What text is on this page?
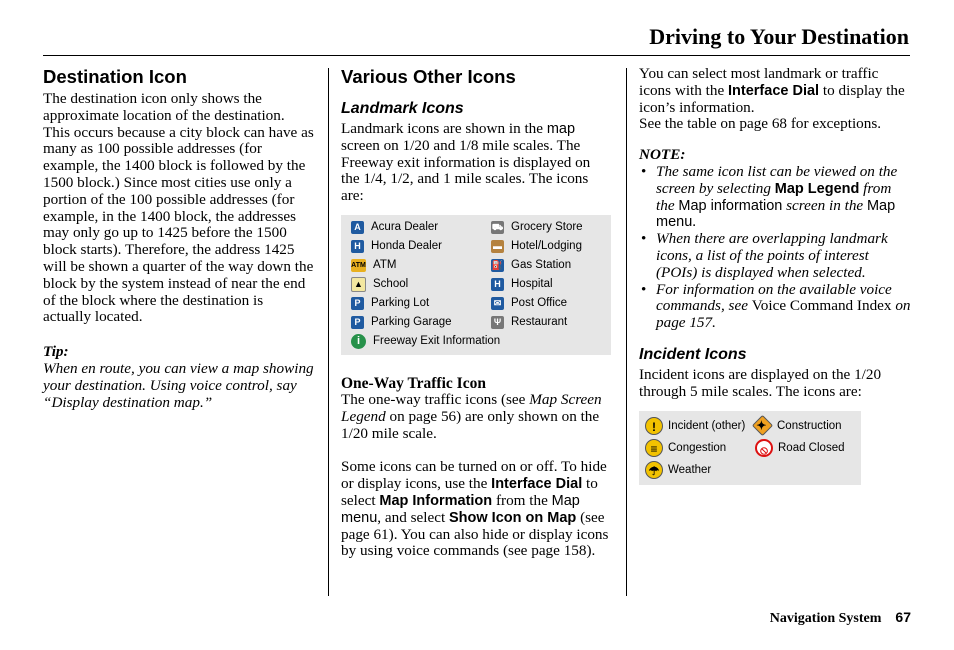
Driving to Your Destination
Destination Icon

The destination icon only shows the approximate location of the destination. This occurs because a city block can have as many as 100 possible addresses (for example, the 1400 block is followed by the 1500 block.) Since most cities use only a portion of the 100 possible addresses (for example, in the 1400 block, the addresses may only go up to 1425 before the 1500 block starts). Therefore, the address 1425 will be shown a quarter of the way down the block by the system instead of near the end of the block where the destination is actually located.

Tip:

When en route, you can view a map showing your destination. Using voice control, say “Display destination map.”

Various Other Icons
Landmark Icons

Landmark icons are shown in the map screen on 1/20 and 1/8 mile scales. The Freeway exit information is displayed on the 1/4, 1/2, and 1 mile scales. The icons are:

A Acura Dealer	⛟ Grocery Store
H Honda Dealer	▬ Hotel/Lodging
ATM ATM	⛽ Gas Station
▲ School	H Hospital
P Parking Lot	✉ Post Office
P Parking Garage	Ψ Restaurant
i	Freeway Exit Information
One-Way Traffic Icon

The one-way traffic icons (see Map Screen Legend on page 56) are only shown on the 1/20 mile scale.

Some icons can be turned on or off. To hide or display icons, use the Interface Dial to select Map Information from the Map menu, and select Show Icon on Map (see page 61). You can also hide or display icons by using voice commands (see page 158).

You can select most landmark or traffic icons with the Interface Dial to display the icon’s information.

See the table on page 68 for exceptions.

NOTE:

• The same icon list can be viewed on the screen by selecting Map Legend from the Map information screen in the Map menu.
• When there are overlapping landmark icons, a list of the points of interest (POIs) is displayed when selected.
• For information on the available voice commands, see Voice Command Index on page 157.
Incident Icons

Incident icons are displayed on the 1/20 through 5 mile scales. The icons are:

!	Incident (other) ✦ Construction
≡ Congestion	⦸ Road Closed
☂ Weather
Navigation System 67
